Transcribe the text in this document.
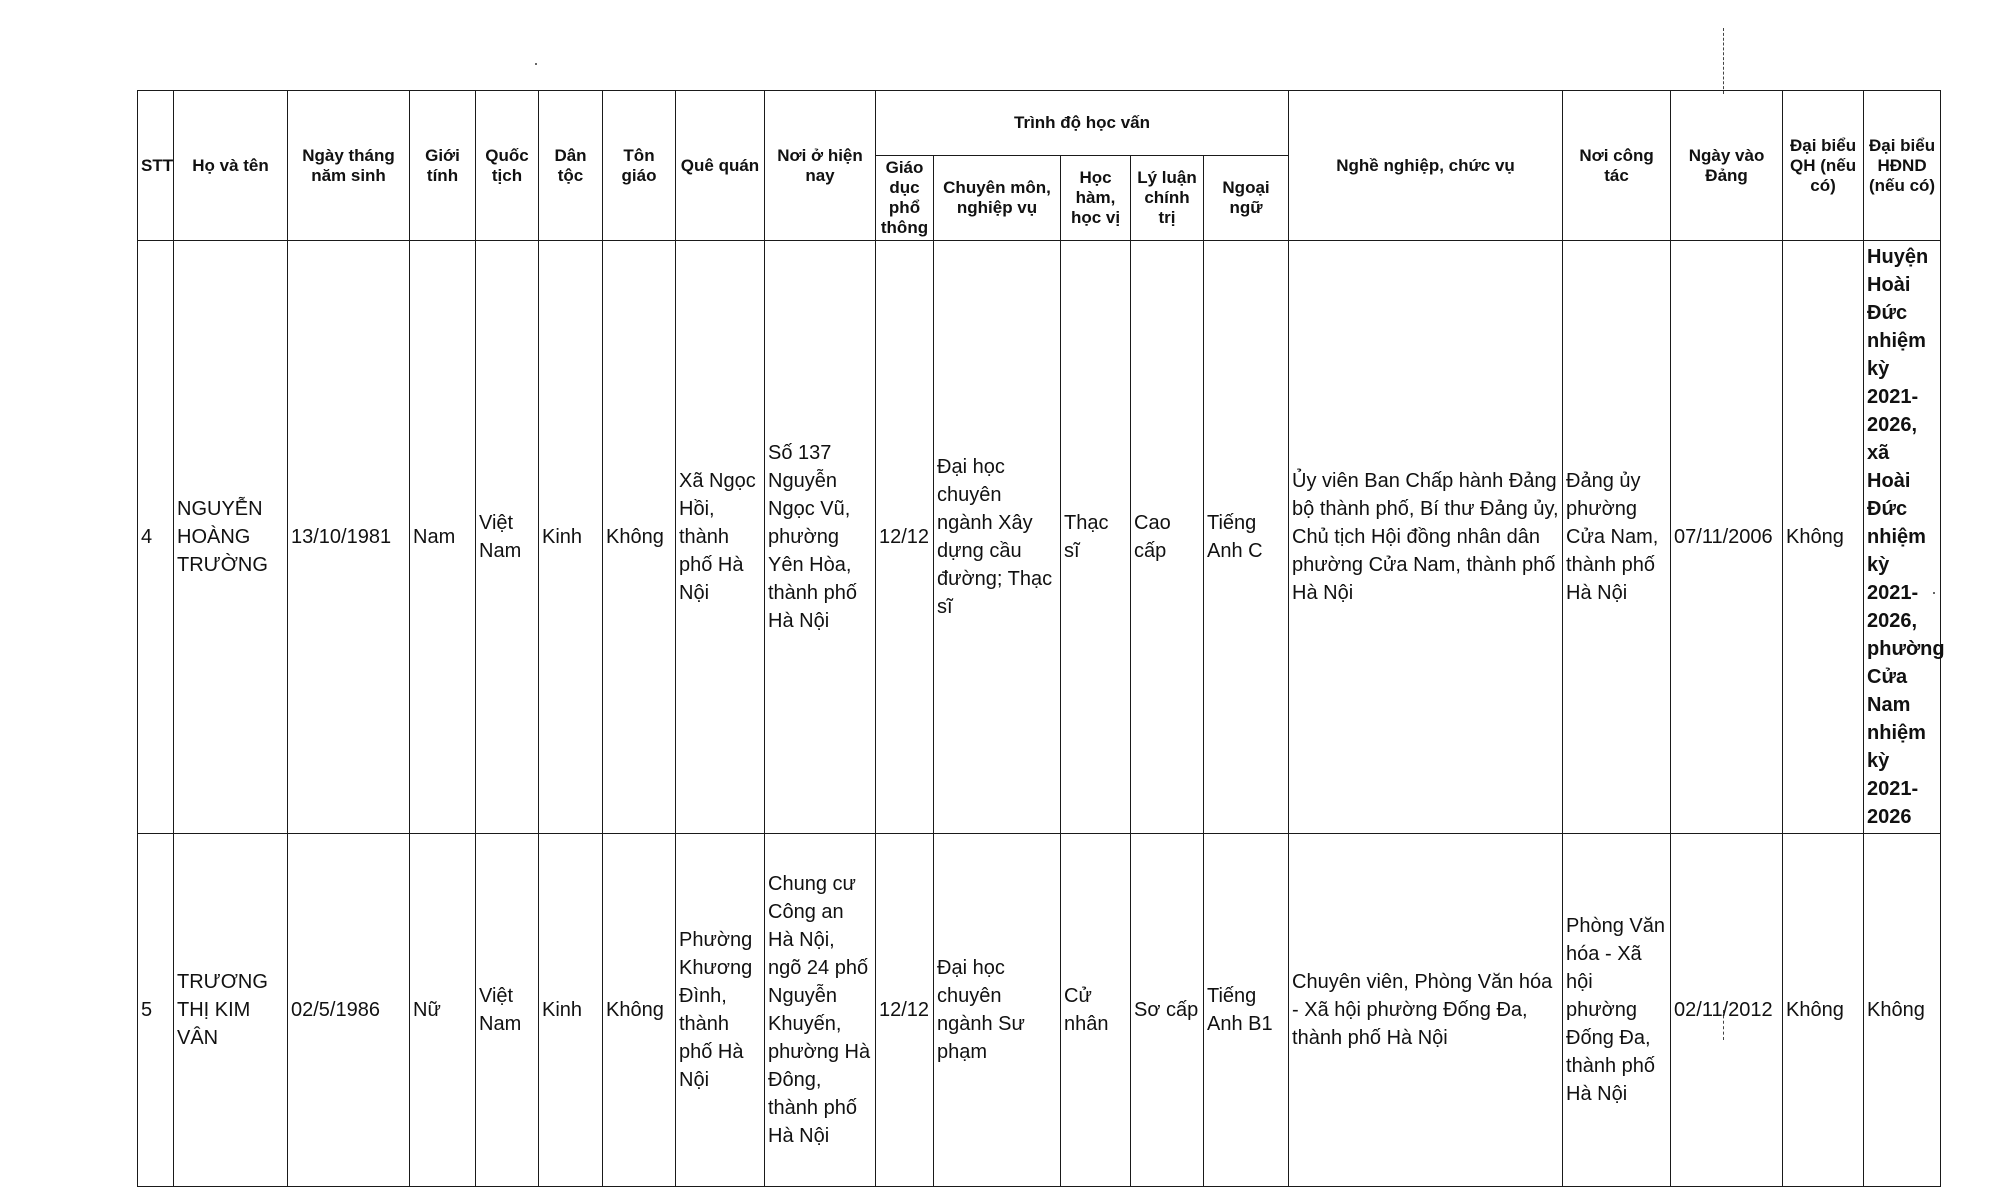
STT	Họ và tên	Ngày tháng năm sinh	Giới tính	Quốc tịch	Dân tộc	Tôn giáo	Quê quán	Nơi ở hiện nay	Trình độ học vấn					Nghề nghiệp, chức vụ	Nơi công tác	Ngày vào Đảng	Đại biểu QH (nếu có)	Đại biểu HĐND (nếu có)
									Giáo dục phổ thông	Chuyên môn, nghiệp vụ	Học hàm, học vị	Lý luận chính trị	Ngoại ngữ					
4	NGUYỄN HOÀNG TRƯỜNG	13/10/1981	Nam	Việt Nam	Kinh	Không	Xã Ngọc Hồi, thành phố Hà Nội	Số 137 Nguyễn Ngọc Vũ, phường Yên Hòa, thành phố Hà Nội	12/12	Đại học chuyên ngành Xây dựng cầu đường; Thạc sĩ	Thạc sĩ	Cao cấp	Tiếng Anh C	Ủy viên Ban Chấp hành Đảng bộ thành phố, Bí thư Đảng ủy, Chủ tịch Hội đồng nhân dân phường Cửa Nam, thành phố Hà Nội	Đảng ủy phường Cửa Nam, thành phố Hà Nội	07/11/2006	Không	Huyện Hoài Đức nhiệm kỳ 2021-2026, xã Hoài Đức nhiệm kỳ 2021-2026, phường Cửa Nam nhiệm kỳ 2021-2026
5	TRƯƠNG THỊ KIM VÂN	02/5/1986	Nữ	Việt Nam	Kinh	Không	Phường Khương Đình, thành phố Hà Nội	Chung cư Công an Hà Nội, ngõ 24 phố Nguyễn Khuyến, phường Hà Đông, thành phố Hà Nội	12/12	Đại học chuyên ngành Sư phạm	Cử nhân	Sơ cấp	Tiếng Anh B1	Chuyên viên, Phòng Văn hóa - Xã hội phường Đống Đa, thành phố Hà Nội	Phòng Văn hóa - Xã hội phường Đống Đa, thành phố Hà Nội	02/11/2012	Không	Không
